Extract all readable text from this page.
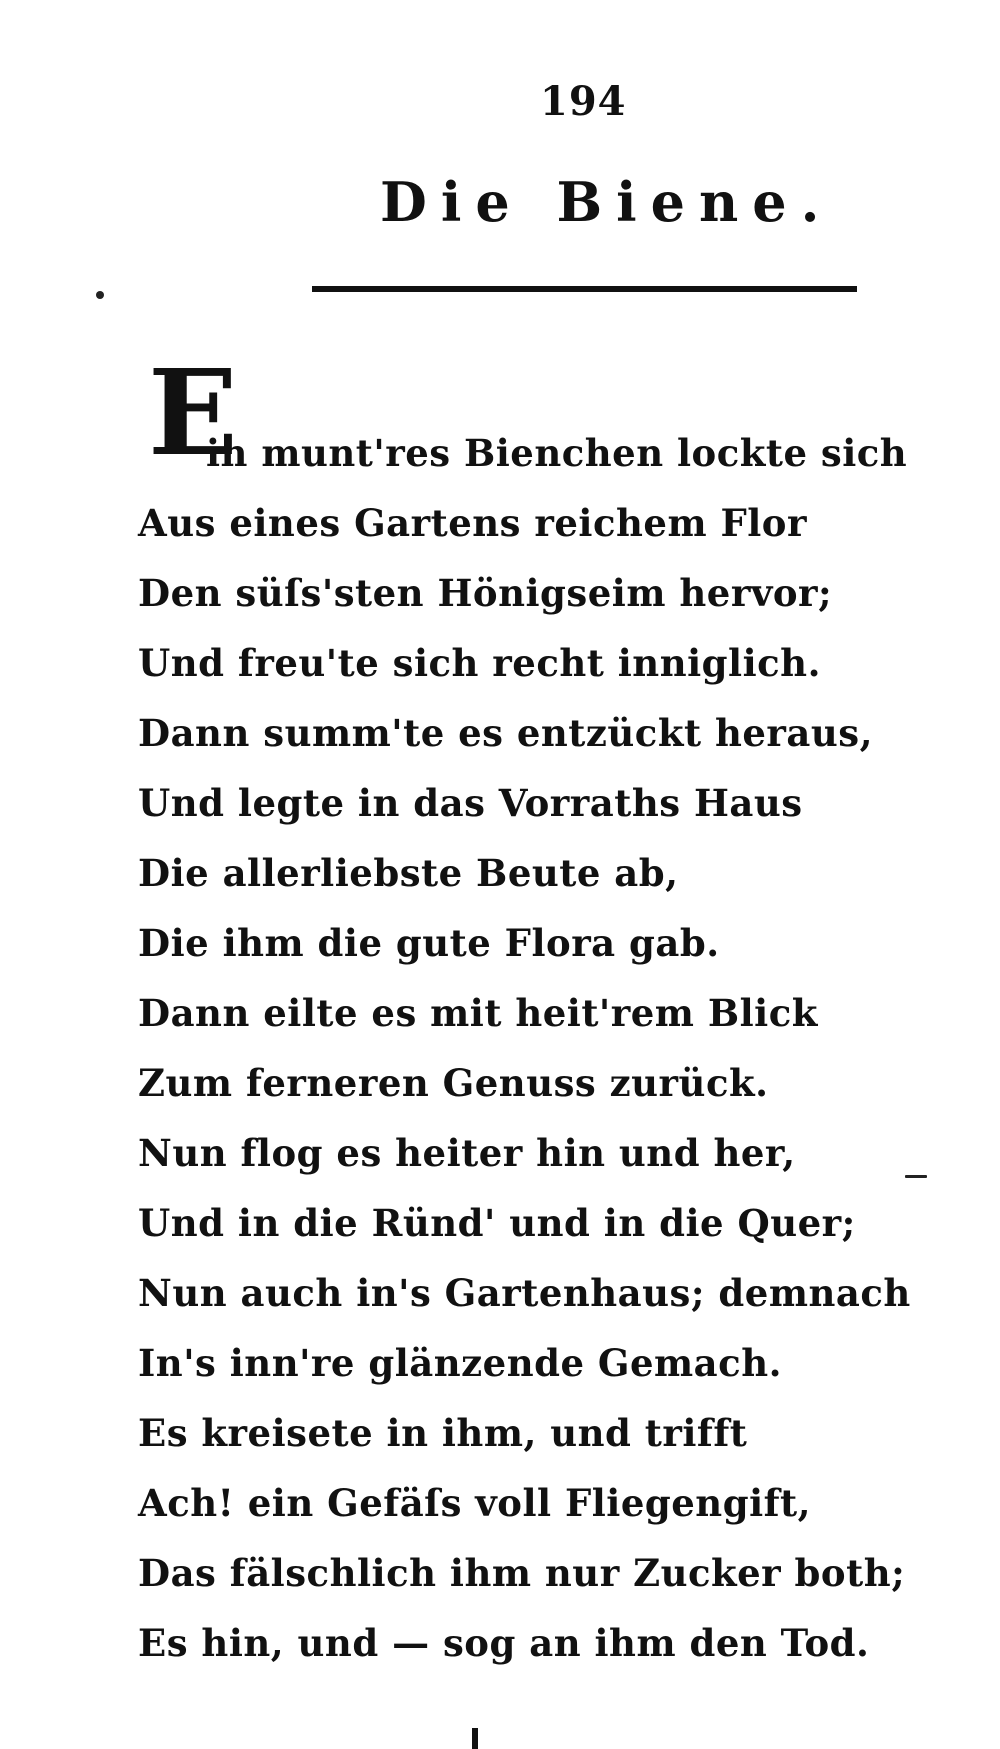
194
Die Biene.
E
in munt'res Bienchen lockte sich
Aus eines Gartens reichem Flor
Den süſs'sten Hönigseim hervor;
Und freu'te sich recht inniglich.
Dann summ'te es entzückt heraus,
Und legte in das Vorraths Haus
Die allerliebste Beute ab,
Die ihm die gute Flora gab.
Dann eilte es mit heit'rem Blick
Zum ferneren Genuss zurück.
Nun flog es heiter hin und her,
Und in die Ründ' und in die Quer;
Nun auch in's Gartenhaus; demnach
In's inn're glänzende Gemach.
Es kreisete in ihm, und trifft
Ach! ein Gefäſs voll Fliegengift,
Das fälschlich ihm nur Zucker both;
Es hin, und — sog an ihm den Tod.
